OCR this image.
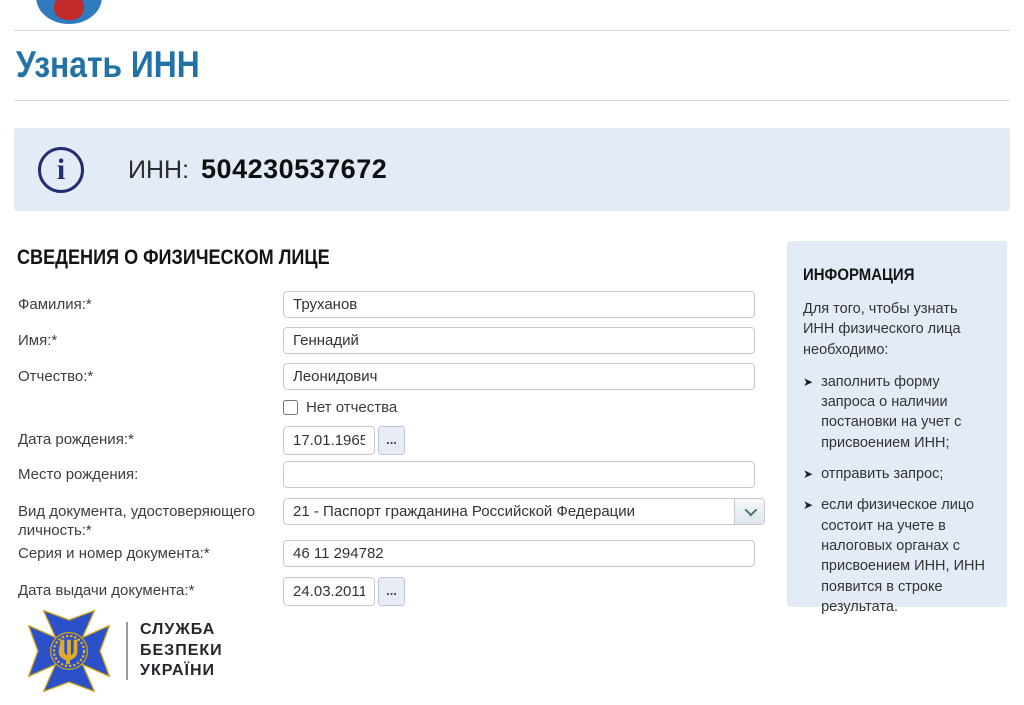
Узнать ИНН
i	ИНН: 504230537672
СВЕДЕНИЯ О ФИЗИЧЕСКОМ ЛИЦЕ
Фамилия:*
Труханов
Имя:*
Геннадий
Отчество:*
Леонидович
Нет отчества
Дата рождения:*
17.01.1965	...
Место рождения:
Вид документа, удостоверяющего личность:*
21 - Паспорт гражданина Российской Федерации
Серия и номер документа:*
46 11 294782
Дата выдачи документа:*
24.03.2011	...
ИНФОРМАЦИЯ
Для того, чтобы узнать ИНН физического лица необходимо:
➤ заполнить форму запроса о наличии постановки на учет с присвоением ИНН;
➤ отправить запрос;
➤ если физическое лицо состоит на учете в налоговых органах с присвоением ИНН, ИНН появится в строке результата.
СЛУЖБА
БЕЗПЕКИ
УКРАЇНИ
